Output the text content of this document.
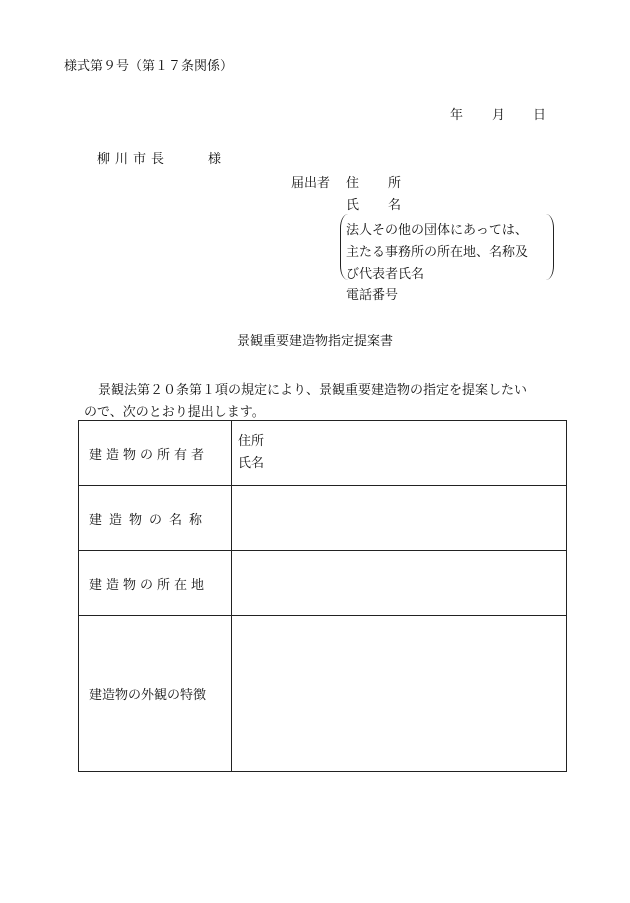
様式第９号（第１７条関係）
年 月 日
柳川市長	様
届出者 住 所
氏 名
法人その他の団体にあっては、
主たる事務所の所在地、名称及
び代表者氏名
電話番号
景観重要建造物指定提案書
景観法第２０条第１項の規定により、景観重要建造物の指定を提案したい
ので、次のとおり提出します。
建造物の所有者	住所
氏名

建造物の名称	
建造物の所在地	
建造物の外観の特徴	
